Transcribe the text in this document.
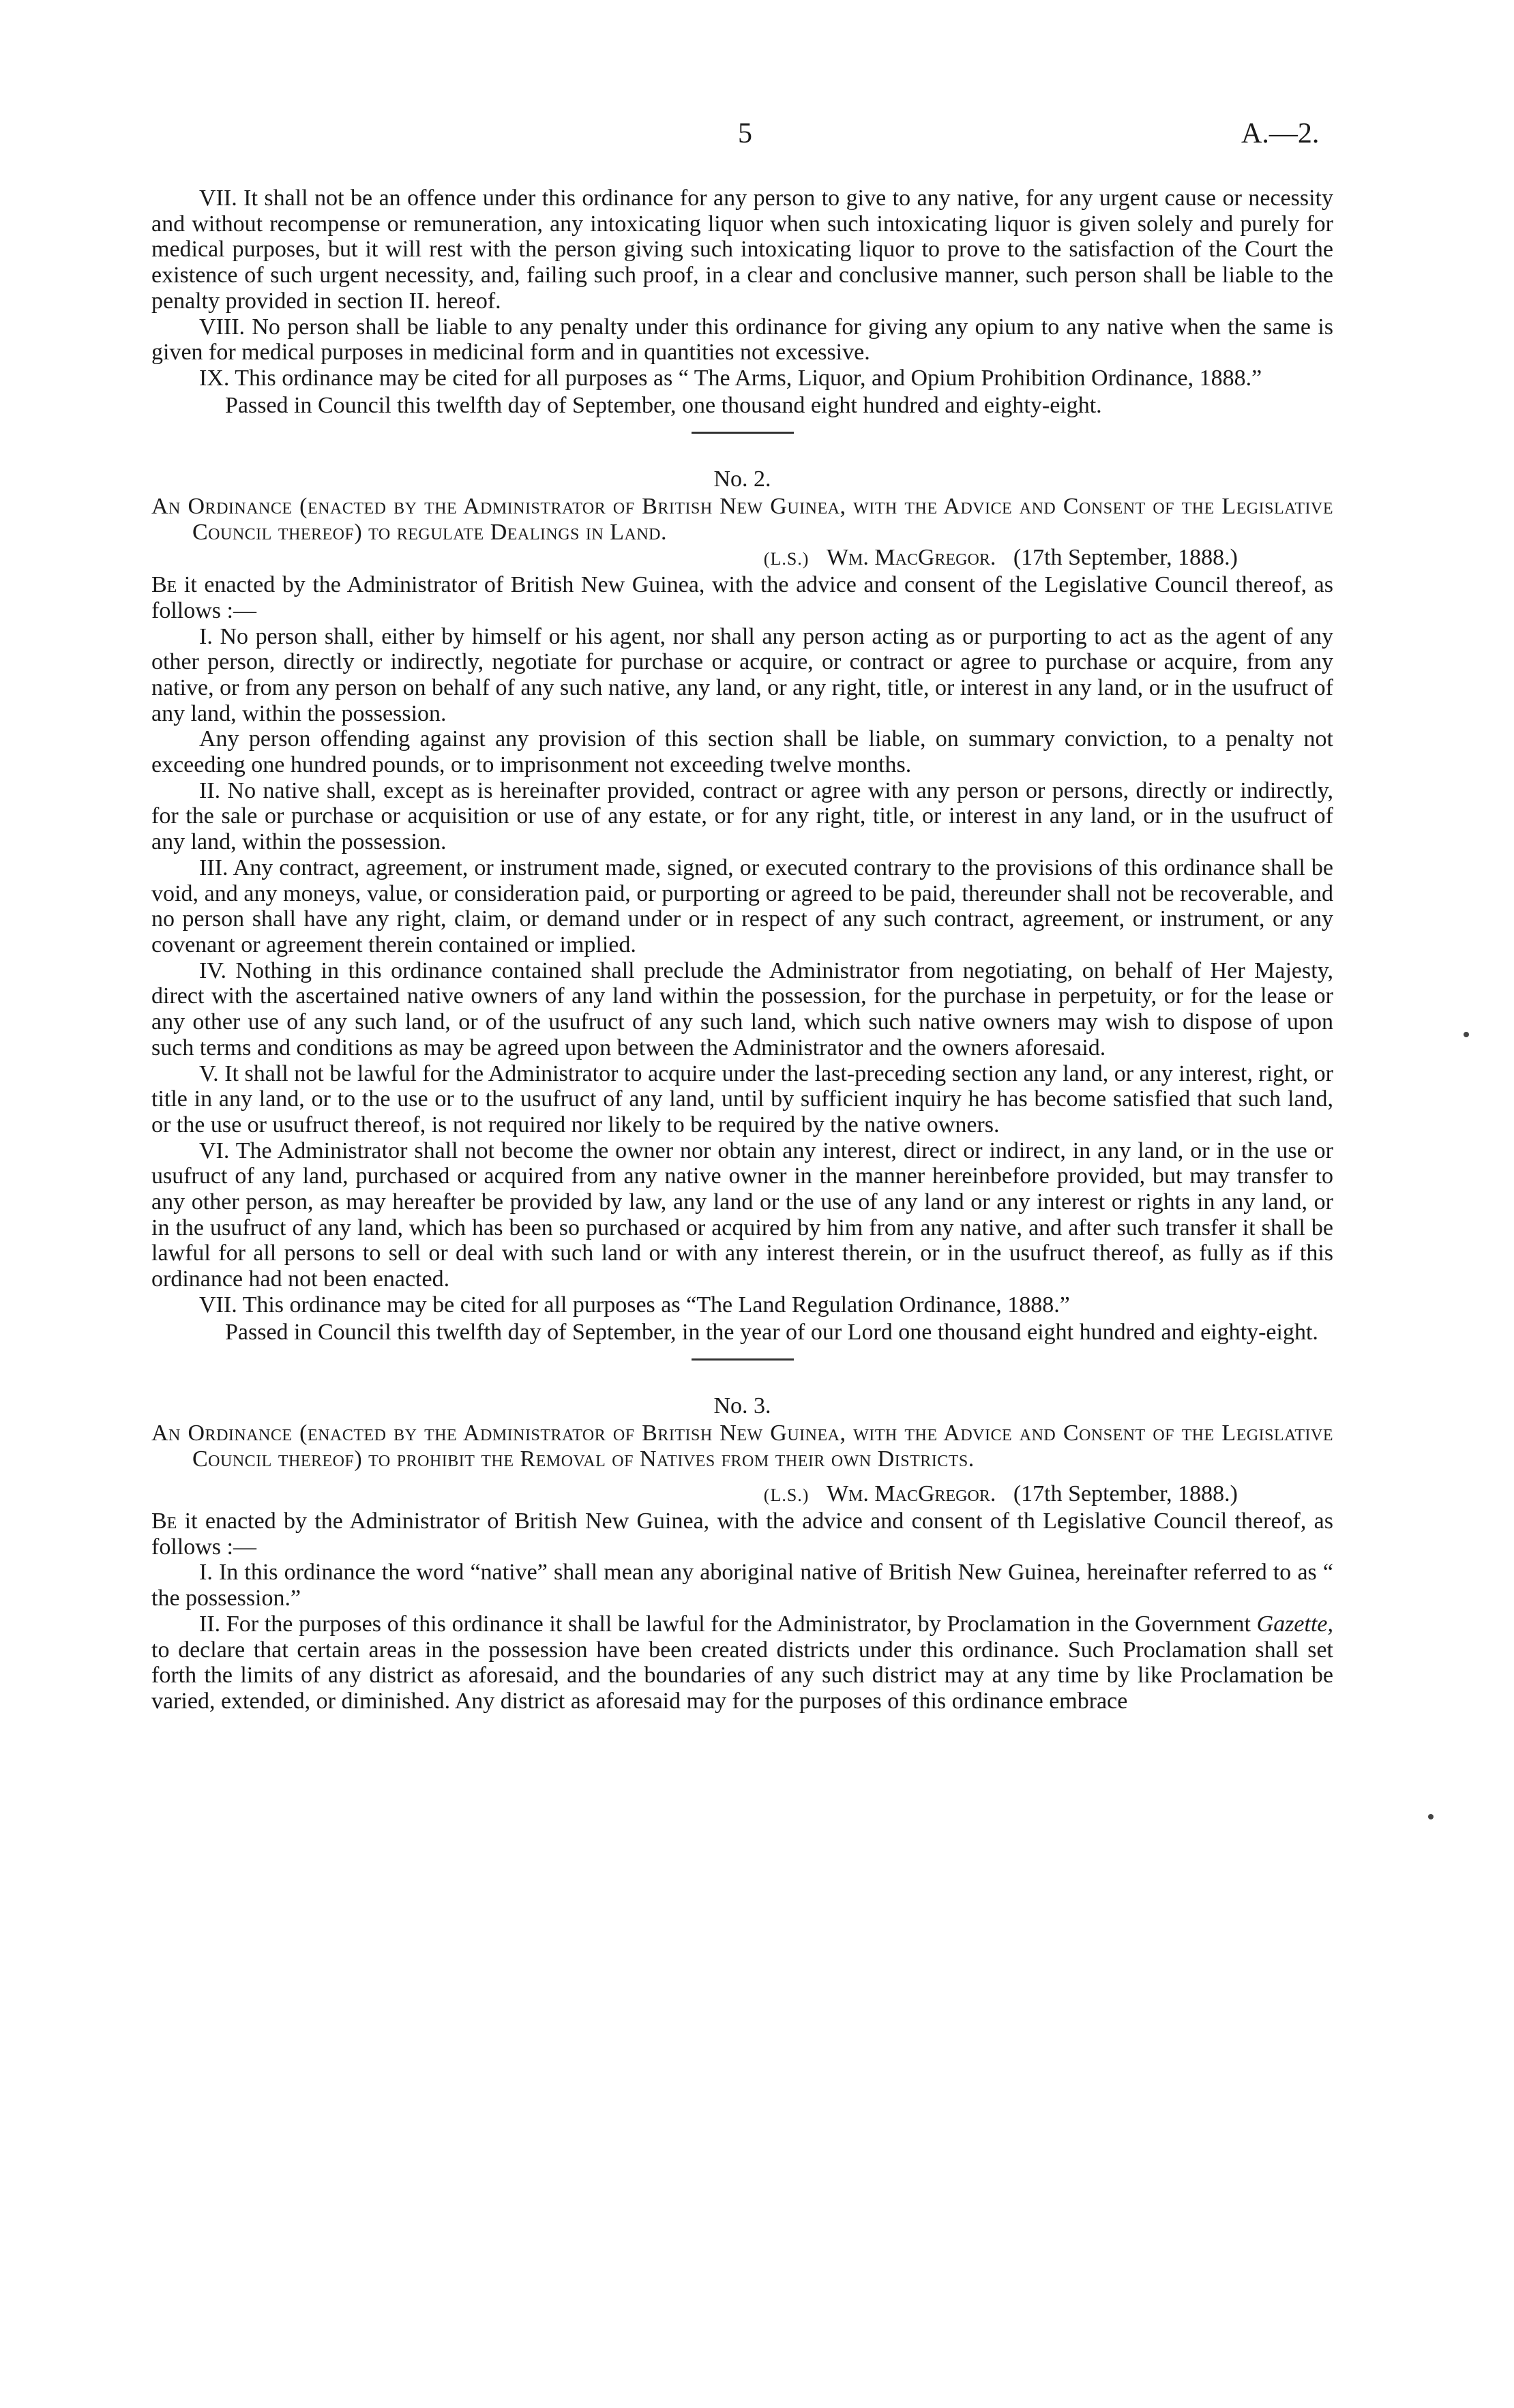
5	A.—2.

VII. It shall not be an offence under this ordinance for any person to give to any native, for any urgent cause or necessity and without recompense or remuneration, any intoxicating liquor when such intoxicating liquor is given solely and purely for medical purposes, but it will rest with the person giving such intoxicating liquor to prove to the satisfaction of the Court the existence of such urgent necessity, and, failing such proof, in a clear and conclusive manner, such person shall be liable to the penalty provided in section II. hereof.

VIII. No person shall be liable to any penalty under this ordinance for giving any opium to any native when the same is given for medical purposes in medicinal form and in quantities not excessive.

IX. This ordinance may be cited for all purposes as “ The Arms, Liquor, and Opium Prohibition Ordinance, 1888.”

Passed in Council this twelfth day of September, one thousand eight hundred and eighty-eight.

No. 2.

An Ordinance (enacted by the Administrator of British New Guinea, with the Advice and Consent of the Legislative Council thereof) to regulate Dealings in Land.

(L.S.) Wm. MacGregor. (17th September, 1888.)

Be it enacted by the Administrator of British New Guinea, with the advice and consent of the Legislative Council thereof, as follows :—

I. No person shall, either by himself or his agent, nor shall any person acting as or purporting to act as the agent of any other person, directly or indirectly, negotiate for purchase or acquire, or contract or agree to purchase or acquire, from any native, or from any person on behalf of any such native, any land, or any right, title, or interest in any land, or in the usufruct of any land, within the possession.

Any person offending against any provision of this section shall be liable, on summary conviction, to a penalty not exceeding one hundred pounds, or to imprisonment not exceeding twelve months.

II. No native shall, except as is hereinafter provided, contract or agree with any person or persons, directly or indirectly, for the sale or purchase or acquisition or use of any estate, or for any right, title, or interest in any land, or in the usufruct of any land, within the possession.

III. Any contract, agreement, or instrument made, signed, or executed contrary to the provisions of this ordinance shall be void, and any moneys, value, or consideration paid, or purporting or agreed to be paid, thereunder shall not be recoverable, and no person shall have any right, claim, or demand under or in respect of any such contract, agreement, or instrument, or any covenant or agreement therein contained or implied.

IV. Nothing in this ordinance contained shall preclude the Administrator from negotiating, on behalf of Her Majesty, direct with the ascertained native owners of any land within the possession, for the purchase in perpetuity, or for the lease or any other use of any such land, or of the usufruct of any such land, which such native owners may wish to dispose of upon such terms and conditions as may be agreed upon between the Administrator and the owners aforesaid.

V. It shall not be lawful for the Administrator to acquire under the last-preceding section any land, or any interest, right, or title in any land, or to the use or to the usufruct of any land, until by sufficient inquiry he has become satisfied that such land, or the use or usufruct thereof, is not required nor likely to be required by the native owners.

VI. The Administrator shall not become the owner nor obtain any interest, direct or indirect, in any land, or in the use or usufruct of any land, purchased or acquired from any native owner in the manner hereinbefore provided, but may transfer to any other person, as may hereafter be provided by law, any land or the use of any land or any interest or rights in any land, or in the usufruct of any land, which has been so purchased or acquired by him from any native, and after such transfer it shall be lawful for all persons to sell or deal with such land or with any interest therein, or in the usufruct thereof, as fully as if this ordinance had not been enacted.

VII. This ordinance may be cited for all purposes as “The Land Regulation Ordinance, 1888.”

Passed in Council this twelfth day of September, in the year of our Lord one thousand eight hundred and eighty-eight.

No. 3.

An Ordinance (enacted by the Administrator of British New Guinea, with the Advice and Consent of the Legislative Council thereof) to prohibit the Removal of Natives from their own Districts.

(L.S.) Wm. MacGregor. (17th September, 1888.)

Be it enacted by the Administrator of British New Guinea, with the advice and consent of th Legislative Council thereof, as follows :—

I. In this ordinance the word “native” shall mean any aboriginal native of British New Guinea, hereinafter referred to as “ the possession.”

II. For the purposes of this ordinance it shall be lawful for the Administrator, by Proclamation in the Government Gazette, to declare that certain areas in the possession have been created districts under this ordinance. Such Proclamation shall set forth the limits of any district as aforesaid, and the boundaries of any such district may at any time by like Proclamation be varied, extended, or diminished. Any district as aforesaid may for the purposes of this ordinance embrace
